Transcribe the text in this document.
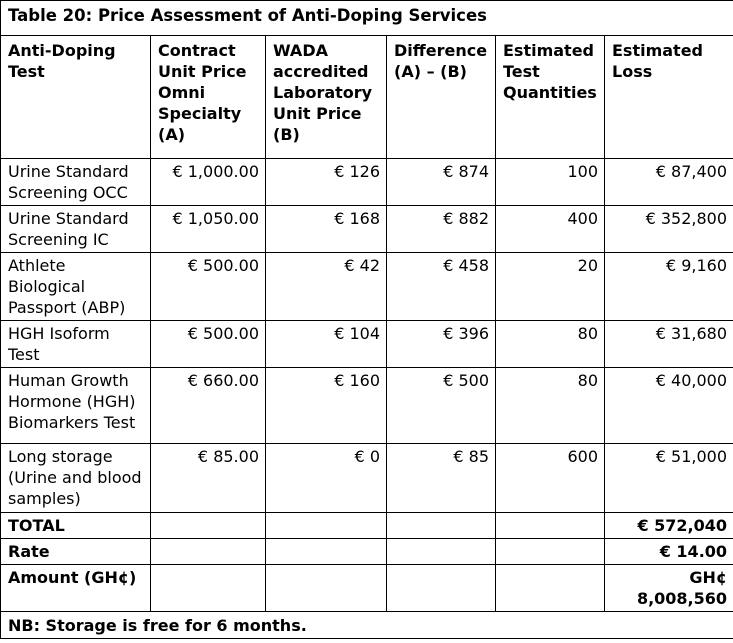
Table 20: Price Assessment of Anti-Doping Services					
Anti-Doping Test	Contract Unit Price Omni Specialty (A)	WADA accredited Laboratory Unit Price (B)	Difference (A) – (B)	Estimated Test Quantities	Estimated Loss
Urine Standard Screening OCC	€ 1,000.00	€ 126	€ 874	100	€ 87,400
Urine Standard Screening IC	€ 1,050.00	€ 168	€ 882	400	€ 352,800
Athlete Biological Passport (ABP)	€ 500.00	€ 42	€ 458	20	€ 9,160
HGH Isoform Test	€ 500.00	€ 104	€ 396	80	€ 31,680
Human Growth Hormone (HGH) Biomarkers Test	€ 660.00	€ 160	€ 500	80	€ 40,000
Long storage (Urine and blood samples)	€ 85.00	€ 0	€ 85	600	€ 51,000
TOTAL					€ 572,040
Rate					€ 14.00
Amount (GH¢)					GH¢ 8,008,560
NB: Storage is free for 6 months.					
